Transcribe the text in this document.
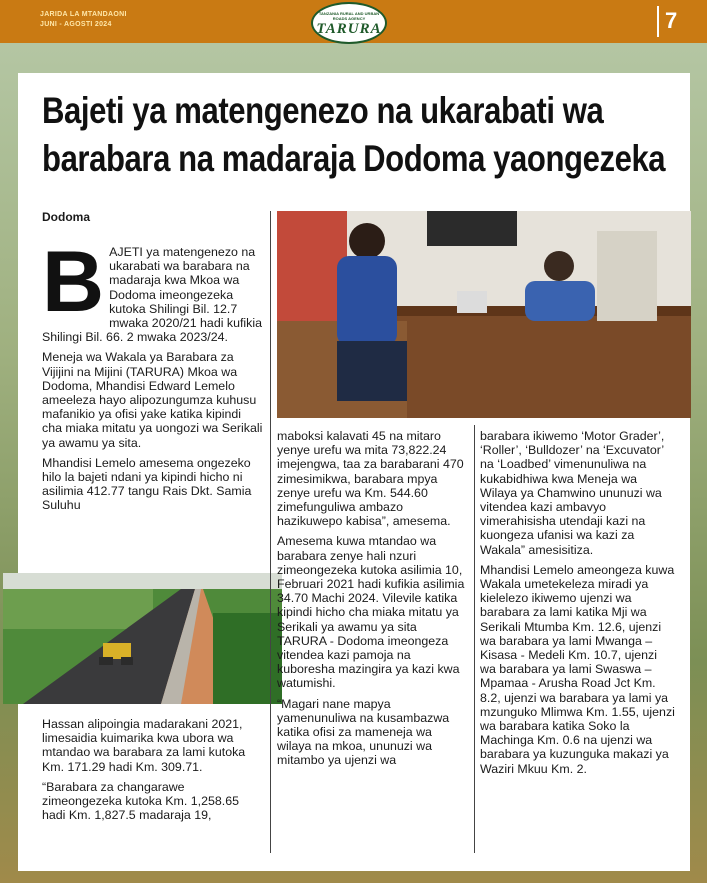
JARIDA LA MTANDAONI
JUNI - AGOSTI 2024
TANZANIA RURAL AND URBAN ROADS AGENCY
TARURA	7
Bajeti ya matengenezo na ukarabati wa
barabara na madaraja Dodoma yaongezeka
Dodoma

BAJETI ya matengenezo na ukarabati wa barabara na madaraja kwa Mkoa wa Dodoma imeongezeka kutoka Shilingi Bil. 12.7 mwaka 2020/21 hadi kufikia Shilingi Bil. 66. 2 mwaka 2023/24.

Meneja wa Wakala ya Barabara za Vijijini na Mijini (TARURA) Mkoa wa Dodoma, Mhandisi Edward Lemelo ameeleza hayo alipozungumza kuhusu mafanikio ya ofisi yake katika kipindi cha miaka mitatu ya uongozi wa Serikali ya awamu ya sita.

Mhandisi Lemelo amesema ongezeko hilo la bajeti ndani ya kipindi hicho ni asilimia 412.77 tangu Rais Dkt. Samia Suluhu

Hassan alipoingia madarakani 2021, limesaidia kuimarika kwa ubora wa mtandao wa barabara za lami kutoka Km. 171.29 hadi Km. 309.71.

“Barabara za changarawe zimeongezeka kutoka Km. 1,258.65 hadi Km. 1,827.5 madaraja 19,

maboksi kalavati 45 na mitaro yenye urefu wa mita 73,822.24 imejengwa, taa za barabarani 470 zimesimikwa, barabara mpya zenye urefu wa Km. 544.60 zimefunguliwa ambazo hazikuwepo kabisa”, amesema.

Amesema kuwa mtandao wa barabara zenye hali nzuri zimeongezeka kutoka asilimia 10, Februari 2021 hadi kufikia asilimia 34.70 Machi 2024. Vilevile katika kipindi hicho cha miaka mitatu ya Serikali ya awamu ya sita TARURA - Dodoma imeongeza vitendea kazi pamoja na kuboresha mazingira ya kazi kwa watumishi.

“Magari nane mapya yamenunuliwa na kusambazwa katika ofisi za mameneja wa wilaya na mkoa, ununuzi wa mitambo ya ujenzi wa

barabara ikiwemo ‘Motor Grader’, ‘Roller’, ‘Bulldozer’ na ‘Excuvator’ na ‘Loadbed’ vimenunuliwa na kukabidhiwa kwa Meneja wa Wilaya ya Chamwino ununuzi wa vitendea kazi ambavyo vimerahisisha utendaji kazi na kuongeza ufanisi wa kazi za Wakala” amesisitiza.

Mhandisi Lemelo ameongeza kuwa Wakala umetekeleza miradi ya kielelezo ikiwemo ujenzi wa barabara za lami katika Mji wa Serikali Mtumba Km. 12.6, ujenzi wa barabara ya lami Mwanga – Kisasa - Medeli Km. 10.7, ujenzi wa barabara ya lami Swaswa – Mpamaa - Arusha Road Jct Km. 8.2, ujenzi wa barabara ya lami ya mzunguko Mlimwa Km. 1.55, ujenzi wa barabara katika Soko la Machinga Km. 0.6 na ujenzi wa barabara ya kuzunguka makazi ya Waziri Mkuu Km. 2.
